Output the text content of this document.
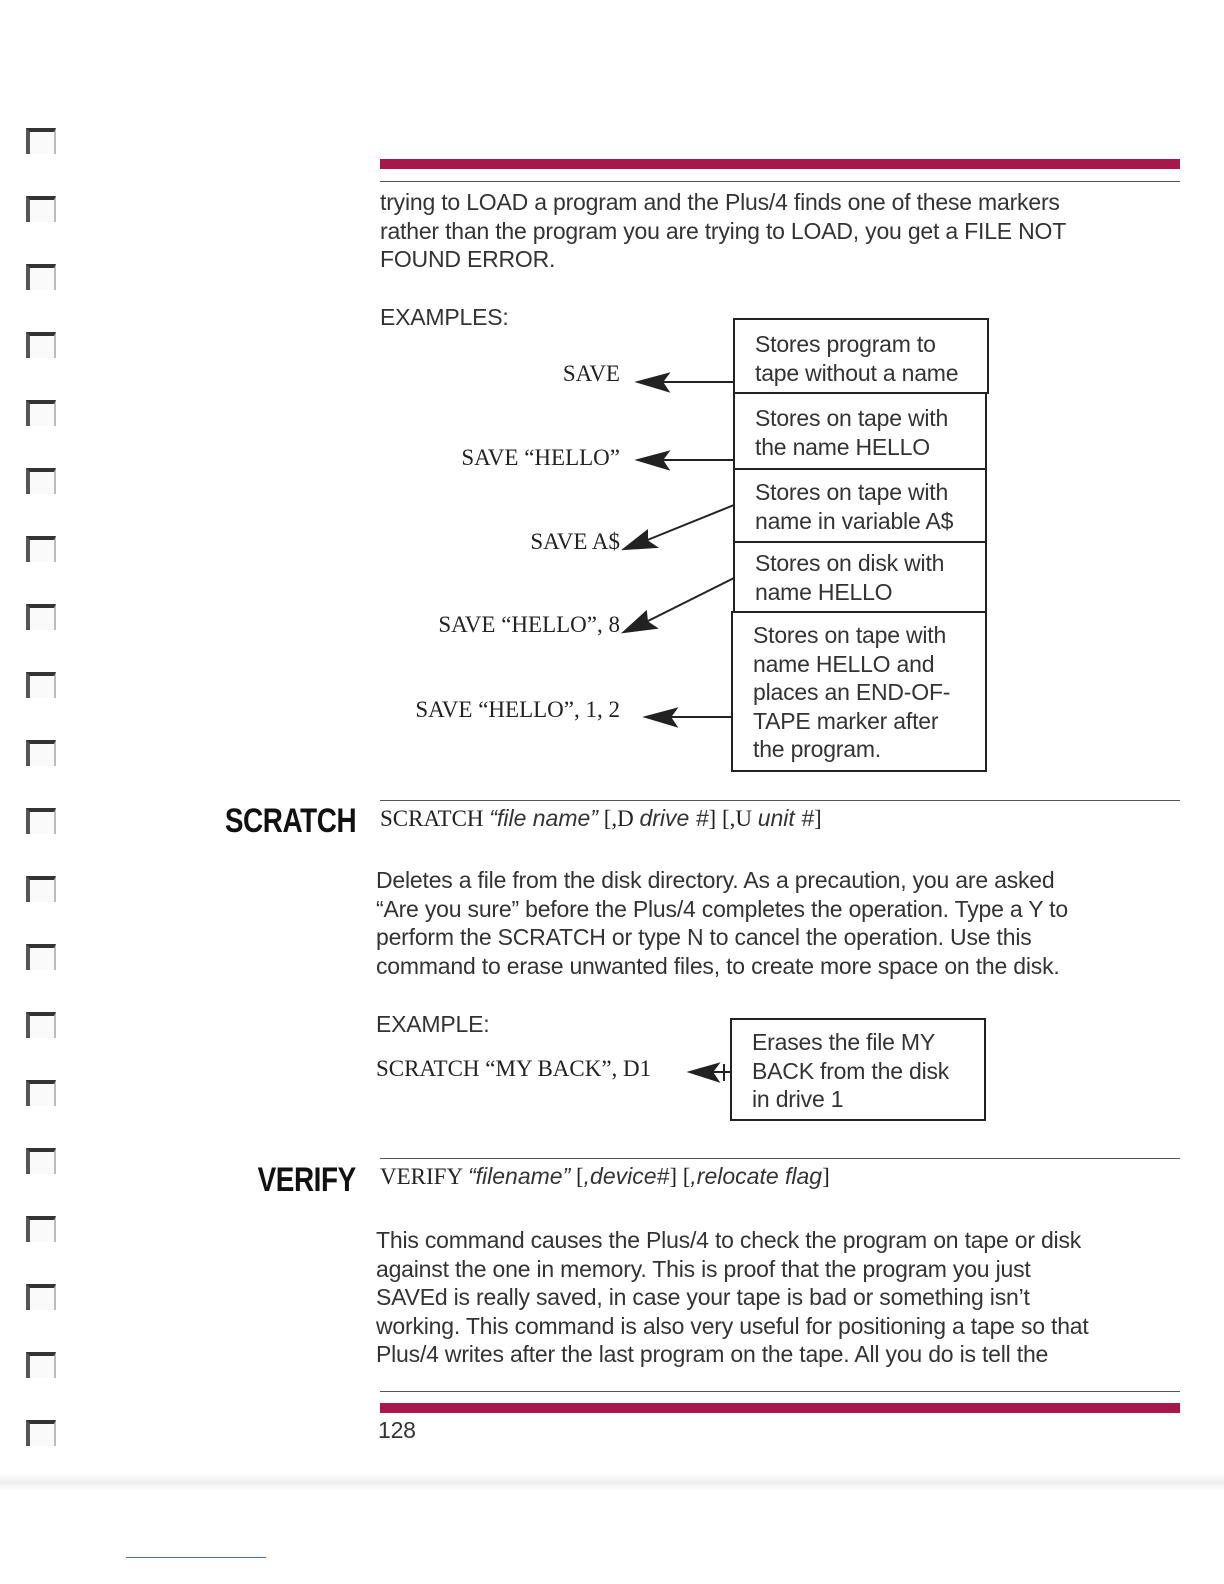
trying to LOAD a program and the Plus/4 finds one of these markers
rather than the program you are trying to LOAD, you get a FILE NOT
FOUND ERROR.
EXAMPLES:
SAVE
SAVE “HELLO”
SAVE A$
SAVE “HELLO”, 8
SAVE “HELLO”, 1, 2
Stores program to
tape without a name
Stores on tape with
the name HELLO
Stores on tape with
name in variable A$
Stores on disk with
name HELLO
Stores on tape with
name HELLO and
places an END-OF-
TAPE marker after
the program.
SCRATCH SCRATCH “file name” [,D drive #] [,U unit #]
Deletes a file from the disk directory. As a precaution, you are asked
“Are you sure” before the Plus/4 completes the operation. Type a Y to
perform the SCRATCH or type N to cancel the operation. Use this
command to erase unwanted files, to create more space on the disk.
EXAMPLE:
SCRATCH “MY BACK”, D1
Erases the file MY
BACK from the disk
in drive 1
VERIFY VERIFY “filename” [,device#] [,relocate flag]
This command causes the Plus/4 to check the program on tape or disk
against the one in memory. This is proof that the program you just
SAVEd is really saved, in case your tape is bad or something isn’t
working. This command is also very useful for positioning a tape so that
Plus/4 writes after the last program on the tape. All you do is tell the
128
